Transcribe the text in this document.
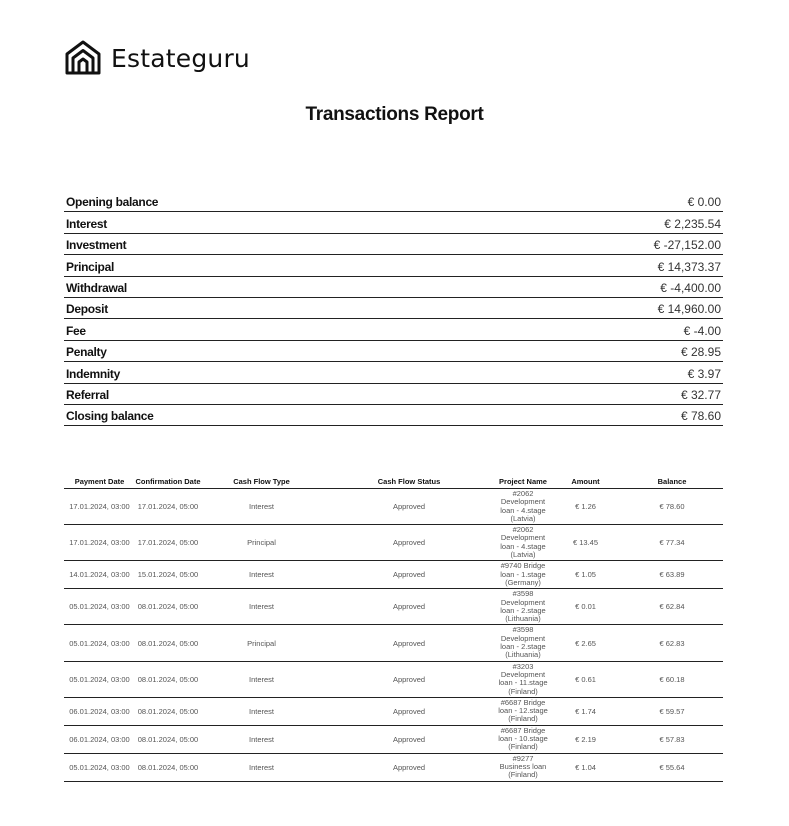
Estateguru
Transactions Report
Opening balance	€ 0.00
Interest	€ 2,235.54
Investment	€ -27,152.00
Principal	€ 14,373.37
Withdrawal	€ -4,400.00
Deposit	€ 14,960.00
Fee	€ -4.00
Penalty	€ 28.95
Indemnity	€ 3.97
Referral	€ 32.77
Closing balance	€ 78.60
Payment Date	Confirmation Date	Cash Flow Type	Cash Flow Status	Project Name	Amount	Balance
17.01.2024, 03:00	17.01.2024, 05:00	Interest	Approved	#2062
Development
loan - 4.stage
(Latvia)	€ 1.26	€ 78.60
17.01.2024, 03:00	17.01.2024, 05:00	Principal	Approved	#2062
Development
loan - 4.stage
(Latvia)	€ 13.45	€ 77.34
14.01.2024, 03:00	15.01.2024, 05:00	Interest	Approved	#9740 Bridge
loan - 1.stage
(Germany)	€ 1.05	€ 63.89
05.01.2024, 03:00	08.01.2024, 05:00	Interest	Approved	#3598
Development
loan - 2.stage
(Lithuania)	€ 0.01	€ 62.84
05.01.2024, 03:00	08.01.2024, 05:00	Principal	Approved	#3598
Development
loan - 2.stage
(Lithuania)	€ 2.65	€ 62.83
05.01.2024, 03:00	08.01.2024, 05:00	Interest	Approved	#3203
Development
loan - 11.stage
(Finland)	€ 0.61	€ 60.18
06.01.2024, 03:00	08.01.2024, 05:00	Interest	Approved	#6687 Bridge
loan - 12.stage
(Finland)	€ 1.74	€ 59.57
06.01.2024, 03:00	08.01.2024, 05:00	Interest	Approved	#6687 Bridge
loan - 10.stage
(Finland)	€ 2.19	€ 57.83
05.01.2024, 03:00	08.01.2024, 05:00	Interest	Approved	#9277
Business loan
(Finland)	€ 1.04	€ 55.64
